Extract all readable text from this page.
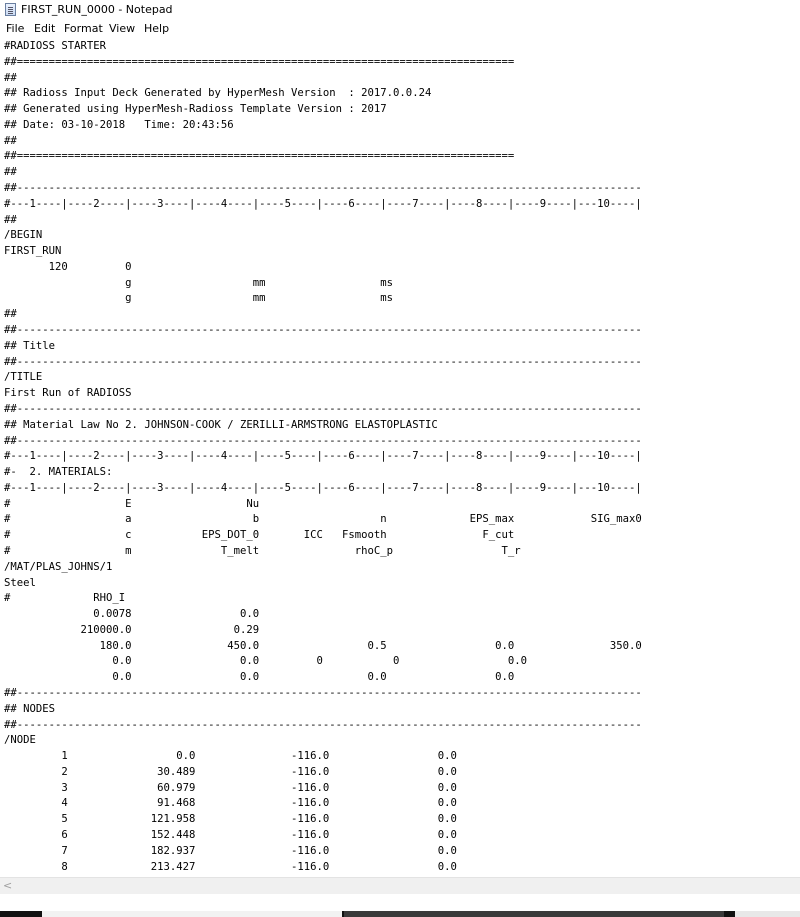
FIRST_RUN_0000 - Notepad
File Edit Format View Help
#RADIOSS STARTER
##==============================================================================
##
## Radioss Input Deck Generated by HyperMesh Version  : 2017.0.0.24
## Generated using HyperMesh-Radioss Template Version : 2017
## Date: 03-10-2018   Time: 20:43:56
##
##==============================================================================
##
##--------------------------------------------------------------------------------------------------
#---1----|----2----|----3----|----4----|----5----|----6----|----7----|----8----|----9----|---10----|
##
/BEGIN
FIRST_RUN
120         0
g                   mm                  ms
g                   mm                  ms
##
##--------------------------------------------------------------------------------------------------
## Title
##--------------------------------------------------------------------------------------------------
/TITLE
First Run of RADIOSS
##--------------------------------------------------------------------------------------------------
## Material Law No 2. JOHNSON-COOK / ZERILLI-ARMSTRONG ELASTOPLASTIC
##--------------------------------------------------------------------------------------------------
#---1----|----2----|----3----|----4----|----5----|----6----|----7----|----8----|----9----|---10----|
#-  2. MATERIALS:
#---1----|----2----|----3----|----4----|----5----|----6----|----7----|----8----|----9----|---10----|
#                  E                  Nu
#                  a                   b                   n             EPS_max            SIG_max0
#                  c           EPS_DOT_0       ICC   Fsmooth               F_cut
#                  m              T_melt               rhoC_p                 T_r
/MAT/PLAS_JOHNS/1
Steel
#             RHO_I
0.0078                 0.0
210000.0                0.29
180.0               450.0                 0.5                 0.0               350.0
0.0                 0.0         0           0                 0.0
0.0                 0.0                 0.0                 0.0
##--------------------------------------------------------------------------------------------------
## NODES
##--------------------------------------------------------------------------------------------------
/NODE
1                 0.0               -116.0                 0.0
2              30.489               -116.0                 0.0
3              60.979               -116.0                 0.0
4              91.468               -116.0                 0.0
5             121.958               -116.0                 0.0
6             152.448               -116.0                 0.0
7             182.937               -116.0                 0.0
8             213.427               -116.0                 0.0
<
